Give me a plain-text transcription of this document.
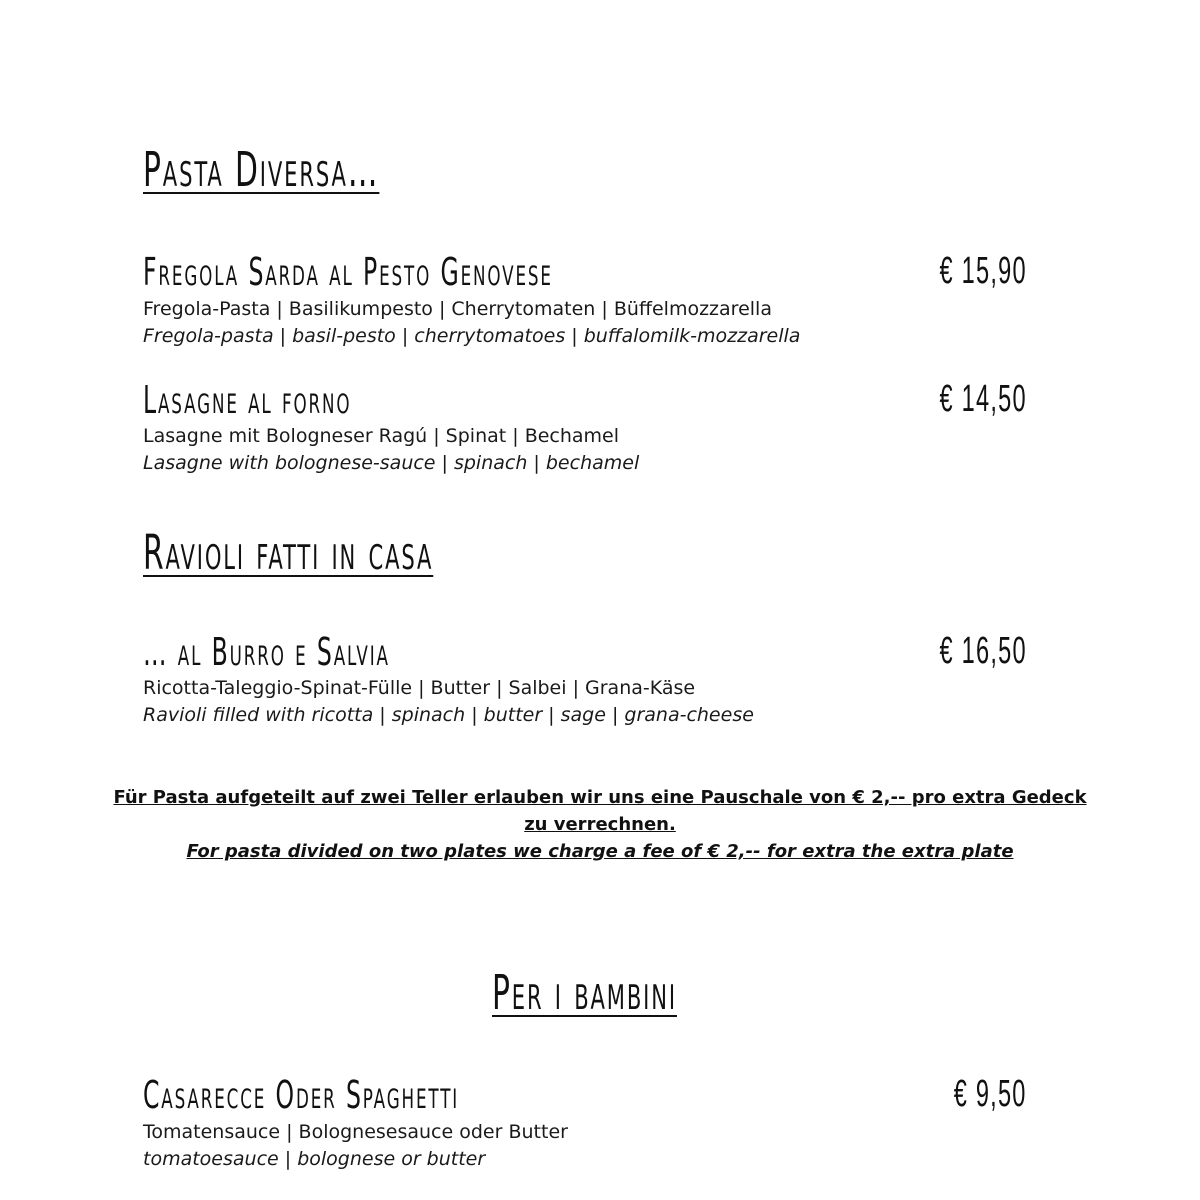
Pasta Diversa…
Fregola Sarda al Pesto Genovese	€ 15,90
Fregola-Pasta | Basilikumpesto | Cherrytomaten | Büffelmozzarella
Fregola-pasta | basil-pesto | cherrytomatoes | buffalomilk-mozzarella
Lasagne al forno	€ 14,50
Lasagne mit Bologneser Ragú | Spinat | Bechamel
Lasagne with bolognese-sauce | spinach | bechamel
Ravioli fatti in casa
… al Burro e Salvia	€ 16,50
Ricotta-Taleggio-Spinat-Fülle | Butter | Salbei | Grana-Käse
Ravioli filled with ricotta | spinach | butter | sage | grana-cheese
Für Pasta aufgeteilt auf zwei Teller erlauben wir uns eine Pauschale von € 2,-- pro extra Gedeck zu verrechnen.
For pasta divided on two plates we charge a fee of € 2,-- for extra the extra plate
Per i bambini
Casarecce Oder Spaghetti	€ 9,50
Tomatensauce | Bolognesesauce oder Butter
tomatoesauce | bolognese or butter
